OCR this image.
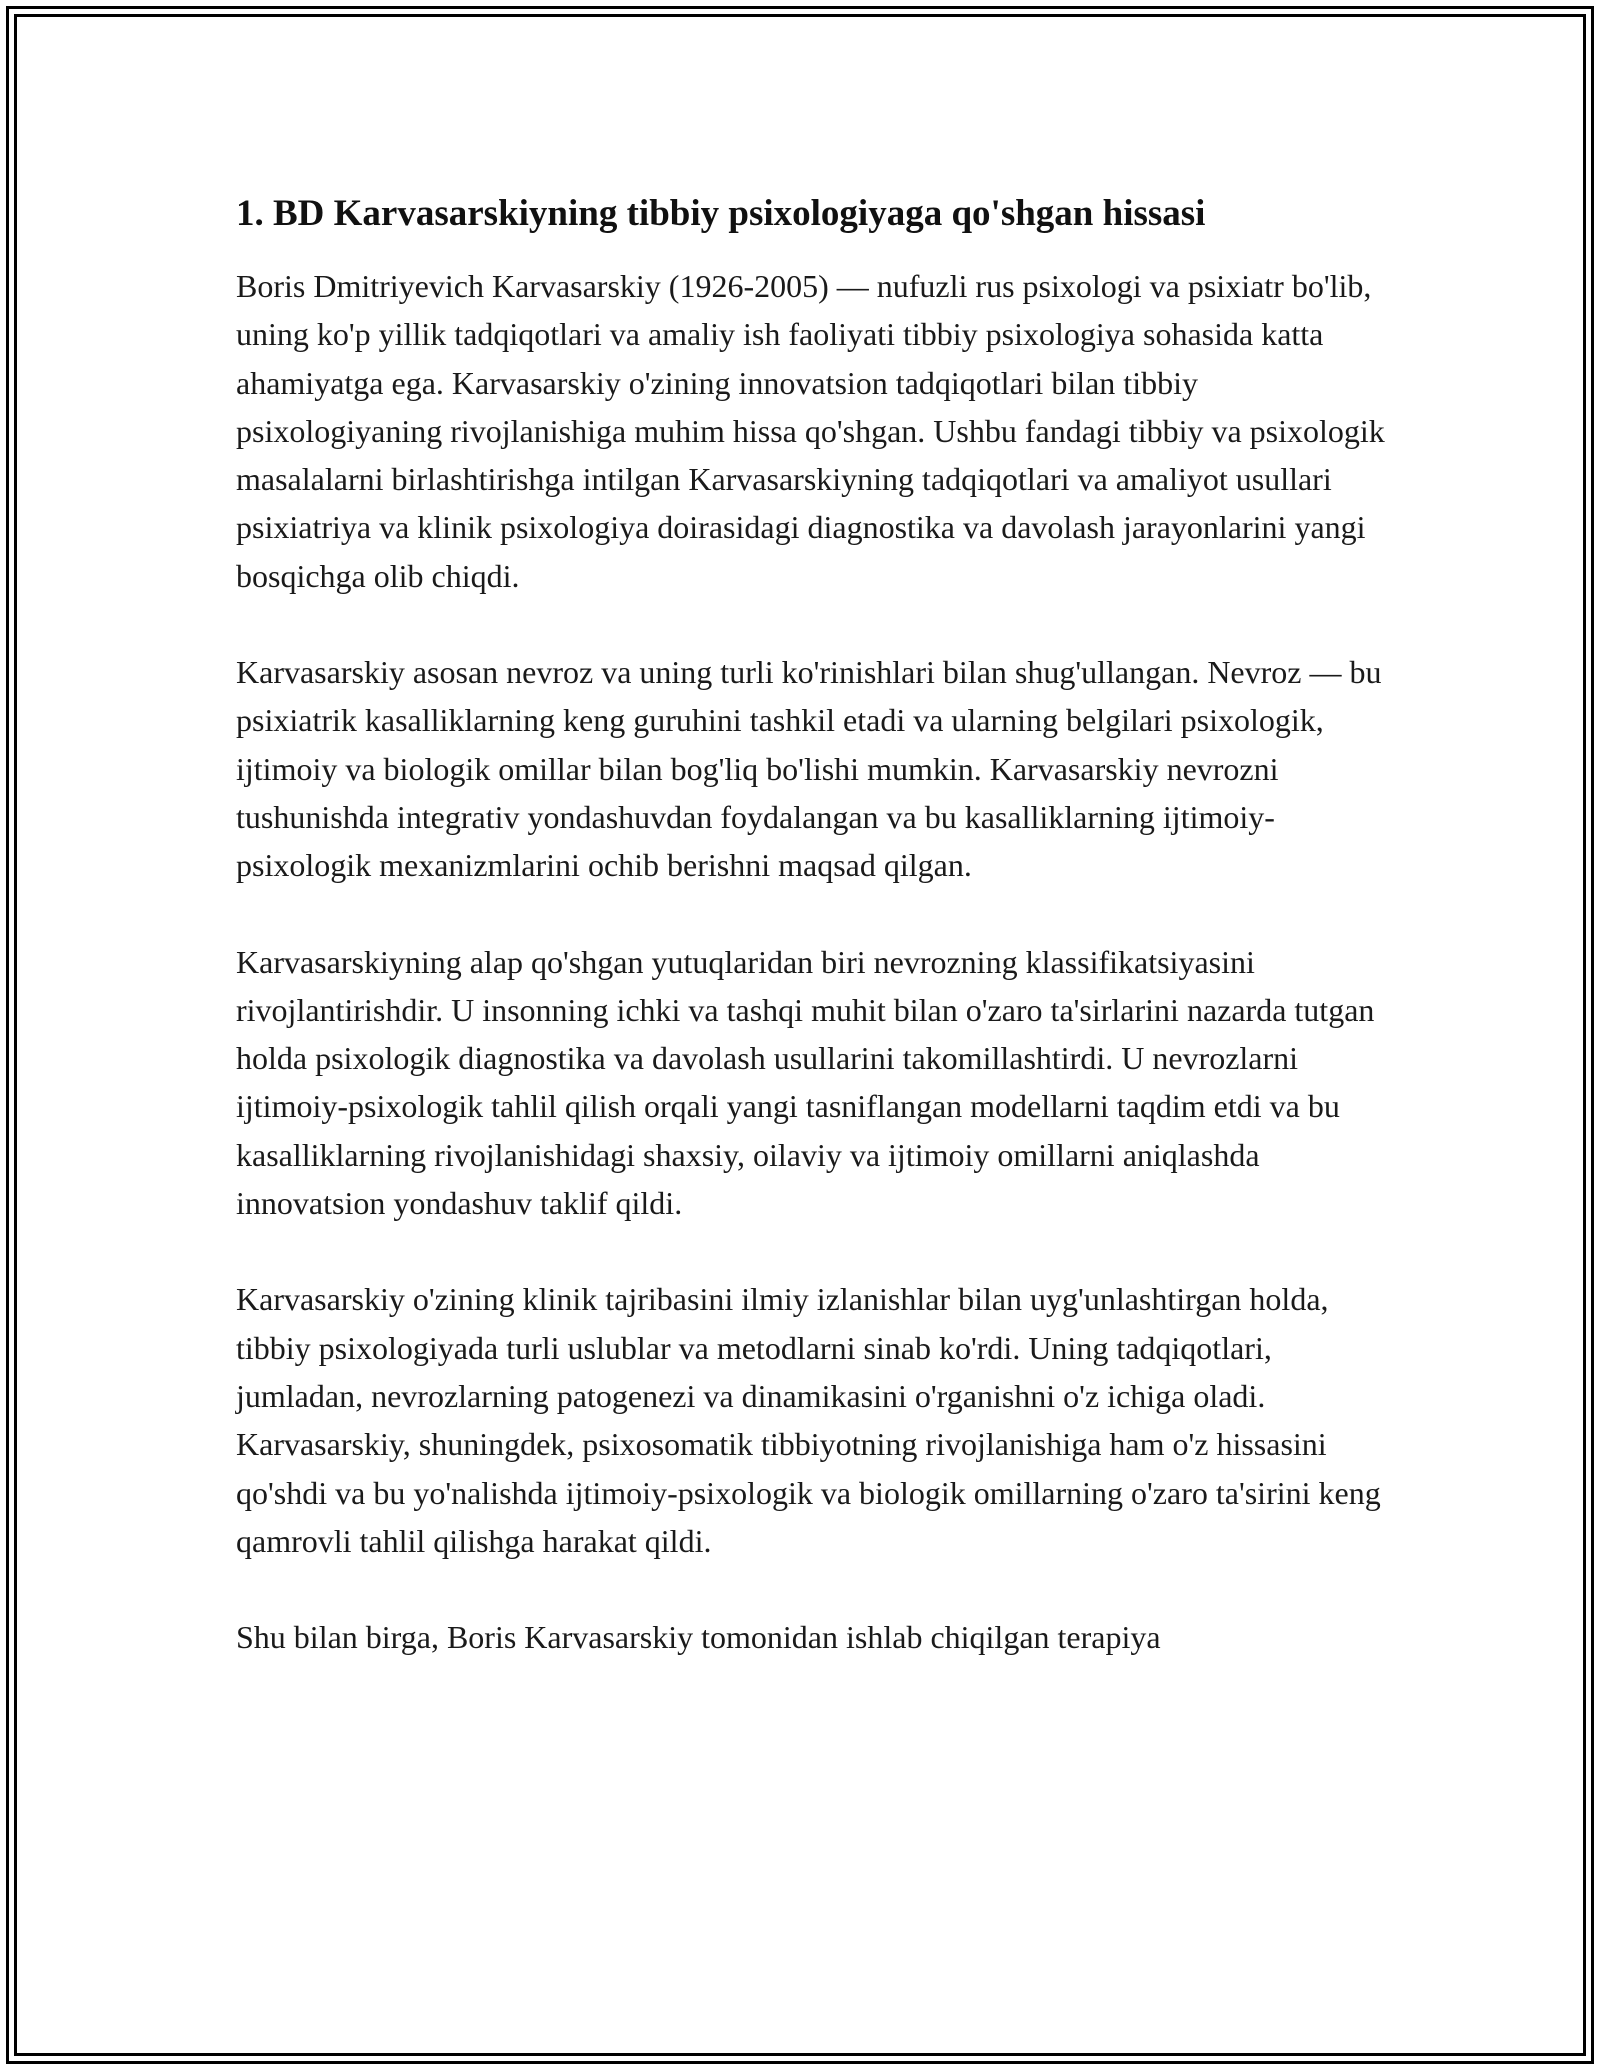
1. BD Karvasarskiyning tibbiy psixologiyaga qo'shgan hissasi

Boris Dmitriyevich Karvasarskiy (1926-2005) — nufuzli rus psixologi va psixiatr bo'lib, uning ko'p yillik tadqiqotlari va amaliy ish faoliyati tibbiy psixologiya sohasida katta ahamiyatga ega. Karvasarskiy o'zining innovatsion tadqiqotlari bilan tibbiy psixologiyaning rivojlanishiga muhim hissa qo'shgan. Ushbu fandagi tibbiy va psixologik masalalarni birlashtirishga intilgan Karvasarskiyning tadqiqotlari va amaliyot usullari psixiatriya va klinik psixologiya doirasidagi diagnostika va davolash jarayonlarini yangi bosqichga olib chiqdi.

Karvasarskiy asosan nevroz va uning turli ko'rinishlari bilan shug'ullangan. Nevroz — bu psixiatrik kasalliklarning keng guruhini tashkil etadi va ularning belgilari psixologik, ijtimoiy va biologik omillar bilan bog'liq bo'lishi mumkin. Karvasarskiy nevrozni tushunishda integrativ yondashuvdan foydalangan va bu kasalliklarning ijtimoiy-psixologik mexanizmlarini ochib berishni maqsad qilgan.

Karvasarskiyning alap qo'shgan yutuqlaridan biri nevrozning klassifikatsiyasini rivojlantirishdir. U insonning ichki va tashqi muhit bilan o'zaro ta'sirlarini nazarda tutgan holda psixologik diagnostika va davolash usullarini takomillashtirdi. U nevrozlarni ijtimoiy-psixologik tahlil qilish orqali yangi tasniflangan modellarni taqdim etdi va bu kasalliklarning rivojlanishidagi shaxsiy, oilaviy va ijtimoiy omillarni aniqlashda innovatsion yondashuv taklif qildi.

Karvasarskiy o'zining klinik tajribasini ilmiy izlanishlar bilan uyg'unlashtirgan holda, tibbiy psixologiyada turli uslublar va metodlarni sinab ko'rdi. Uning tadqiqotlari, jumladan, nevrozlarning patogenezi va dinamikasini o'rganishni o'z ichiga oladi. Karvasarskiy, shuningdek, psixosomatik tibbiyotning rivojlanishiga ham o'z hissasini qo'shdi va bu yo'nalishda ijtimoiy-psixologik va biologik omillarning o'zaro ta'sirini keng qamrovli tahlil qilishga harakat qildi.

Shu bilan birga, Boris Karvasarskiy tomonidan ishlab chiqilgan terapiya
